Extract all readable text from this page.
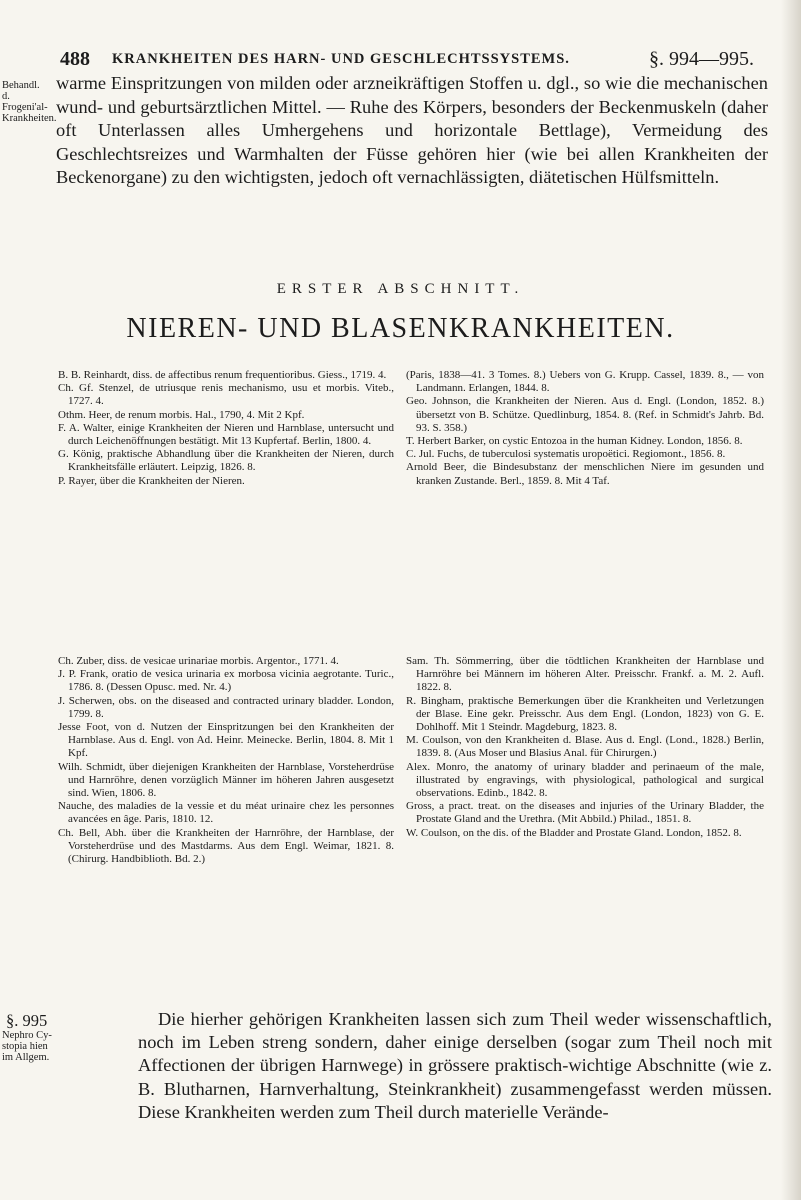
488 KRANKHEITEN DES HARN- UND GESCHLECHTSSYSTEMS.	§. 994—995.
Behandl. d. Frogeni'al-Krankheiten.

warme Einspritzungen von milden oder arzneikräftigen Stoffen u. dgl., so wie die mechanischen wund- und geburtsärztlichen Mittel. — Ruhe des Körpers, besonders der Beckenmuskeln (daher oft Unterlassen alles Umhergehens und horizontale Bettlage), Vermeidung des Geschlechtsreizes und Warmhalten der Füsse gehören hier (wie bei allen Krankheiten der Beckenorgane) zu den wichtigsten, jedoch oft vernachlässigten, diätetischen Hülfsmitteln.

ERSTER ABSCHNITT.
NIEREN- UND BLASENKRANKHEITEN.

B. B. Reinhardt, diss. de affectibus renum frequentioribus. Giess., 1719. 4.

Ch. Gf. Stenzel, de utriusque renis mechanismo, usu et morbis. Viteb., 1727. 4.

Othm. Heer, de renum morbis. Hal., 1790, 4. Mit 2 Kpf.

F. A. Walter, einige Krankheiten der Nieren und Harnblase, untersucht und durch Leichenöffnungen bestätigt. Mit 13 Kupfertaf. Berlin, 1800. 4.

G. König, praktische Abhandlung über die Krankheiten der Nieren, durch Krankheitsfälle erläutert. Leipzig, 1826. 8.

P. Rayer, über die Krankheiten der Nieren.

(Paris, 1838—41. 3 Tomes. 8.) Uebers von G. Krupp. Cassel, 1839. 8., — von Landmann. Erlangen, 1844. 8.

Geo. Johnson, die Krankheiten der Nieren. Aus d. Engl. (London, 1852. 8.) übersetzt von B. Schütze. Quedlinburg, 1854. 8. (Ref. in Schmidt's Jahrb. Bd. 93. S. 358.)

T. Herbert Barker, on cystic Entozoa in the human Kidney. London, 1856. 8.

C. Jul. Fuchs, de tuberculosi systematis uropoëtici. Regiomont., 1856. 8.

Arnold Beer, die Bindesubstanz der menschlichen Niere im gesunden und kranken Zustande. Berl., 1859. 8. Mit 4 Taf.

Ch. Zuber, diss. de vesicae urinariae morbis. Argentor., 1771. 4.

J. P. Frank, oratio de vesica urinaria ex morbosa vicinia aegrotante. Turic., 1786. 8. (Dessen Opusc. med. Nr. 4.)

J. Scherwen, obs. on the diseased and contracted urinary bladder. London, 1799. 8.

Jesse Foot, von d. Nutzen der Einspritzungen bei den Krankheiten der Harnblase. Aus d. Engl. von Ad. Heinr. Meinecke. Berlin, 1804. 8. Mit 1 Kpf.

Wilh. Schmidt, über diejenigen Krankheiten der Harnblase, Vorsteherdrüse und Harnröhre, denen vorzüglich Männer im höheren Jahren ausgesetzt sind. Wien, 1806. 8.

Nauche, des maladies de la vessie et du méat urinaire chez les personnes avancées en âge. Paris, 1810. 12.

Ch. Bell, Abh. über die Krankheiten der Harnröhre, der Harnblase, der Vorsteherdrüse und des Mastdarms. Aus dem Engl. Weimar, 1821. 8. (Chirurg. Handbiblioth. Bd. 2.)

Sam. Th. Sömmerring, über die tödtlichen Krankheiten der Harnblase und Harnröhre bei Männern im höheren Alter. Preisschr. Frankf. a. M. 2. Aufl. 1822. 8.

R. Bingham, praktische Bemerkungen über die Krankheiten und Verletzungen der Blase. Eine gekr. Preisschr. Aus dem Engl. (London, 1823) von G. E. Dohlhoff. Mit 1 Steindr. Magdeburg, 1823. 8.

M. Coulson, von den Krankheiten d. Blase. Aus d. Engl. (Lond., 1828.) Berlin, 1839. 8. (Aus Moser und Blasius Anal. für Chirurgen.)

Alex. Monro, the anatomy of urinary bladder and perinaeum of the male, illustrated by engravings, with physiological, pathological and surgical observations. Edinb., 1842. 8.

Gross, a pract. treat. on the diseases and injuries of the Urinary Bladder, the Prostate Gland and the Urethra. (Mit Abbild.) Philad., 1851. 8.

W. Coulson, on the dis. of the Bladder and Prostate Gland. London, 1852. 8.

§. 995
Nephro Cy-stopia hien im Allgem.

Die hierher gehörigen Krankheiten lassen sich zum Theil weder wissenschaftlich, noch im Leben streng sondern, daher einige derselben (sogar zum Theil noch mit Affectionen der übrigen Harnwege) in grössere praktisch-wichtige Abschnitte (wie z. B. Blutharnen, Harnverhaltung, Steinkrankheit) zusammengefasst werden müssen. Diese Krankheiten werden zum Theil durch materielle Verände-
